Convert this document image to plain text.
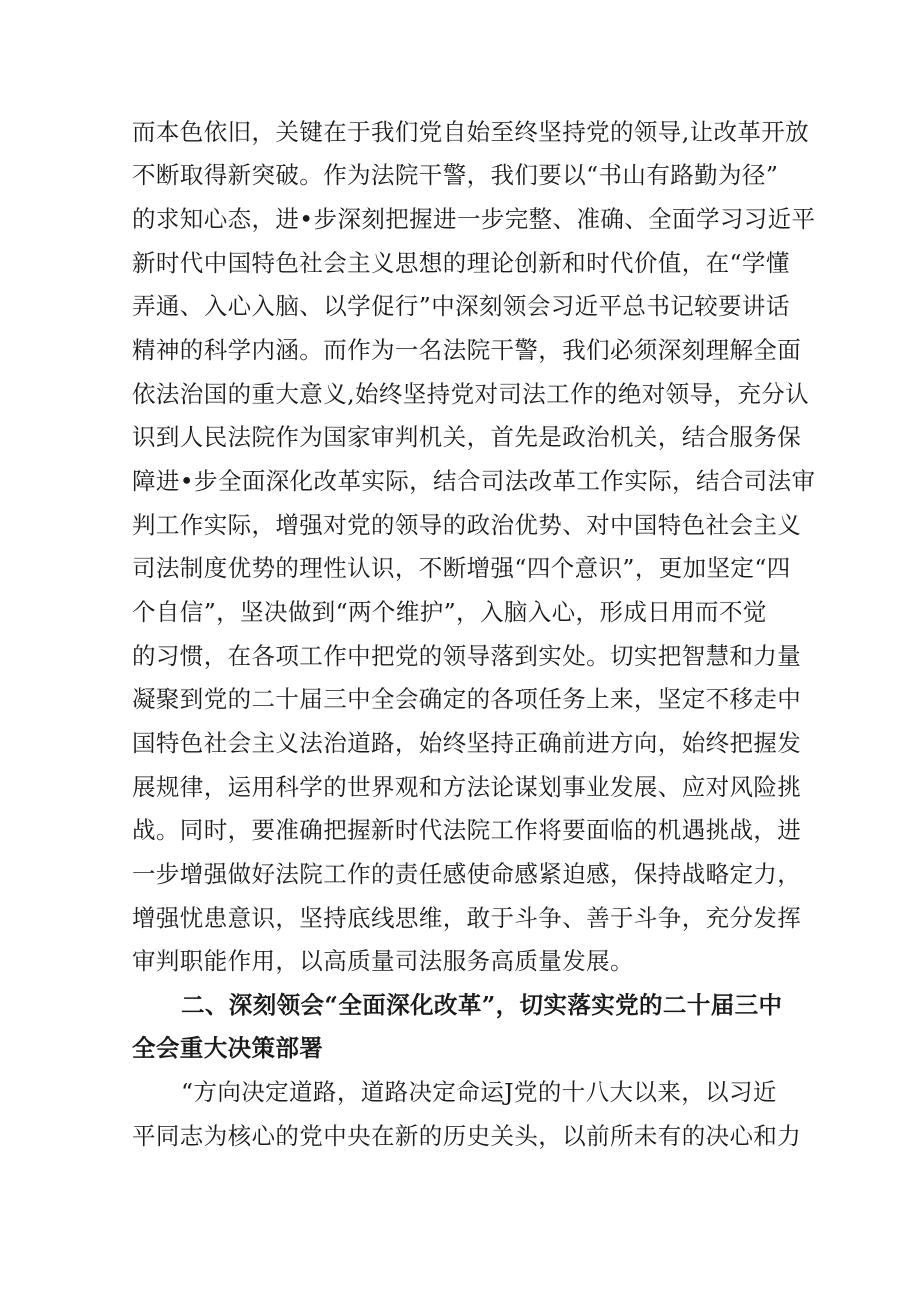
而本色依旧，关键在于我们党自始至终坚持党的领导,让改革开放
不断取得新突破。作为法院干警，我们要以“书山有路勤为径”
的求知心态，进•步深刻把握进一步完整、准确、全面学习习近平
新时代中国特色社会主义思想的理论创新和时代价值，在“学懂
弄通、入心入脑、以学促行”中深刻领会习近平总书记较要讲话
精神的科学内涵。而作为一名法院干警，我们必须深刻理解全面
依法治国的重大意义,始终坚持党对司法工作的绝对领导，充分认
识到人民法院作为国家审判机关，首先是政治机关，结合服务保
障进•步全面深化改革实际，结合司法改革工作实际，结合司法审
判工作实际，增强对党的领导的政治优势、对中国特色社会主义
司法制度优势的理性认识，不断增强“四个意识”，更加坚定“四
个自信”，坚决做到“两个维护”，入脑入心，形成日用而不觉
的习惯，在各项工作中把党的领导落到实处。切实把智慧和力量
凝聚到党的二十届三中全会确定的各项任务上来，坚定不移走中
国特色社会主义法治道路，始终坚持正确前进方向，始终把握发
展规律，运用科学的世界观和方法论谋划事业发展、应对风险挑
战。同时，要准确把握新时代法院工作将要面临的机遇挑战，进
一步增强做好法院工作的责任感使命感紧迫感，保持战略定力，
增强忧患意识，坚持底线思维，敢于斗争、善于斗争，充分发挥
审判职能作用，以高质量司法服务高质量发展。
二、深刻领会“全面深化改革”，切实落实党的二十届三中
全会重大决策部署
“方向决定道路，道路决定命运J党的十八大以来，以习近
平同志为核心的党中央在新的历史关头，以前所未有的决心和力
